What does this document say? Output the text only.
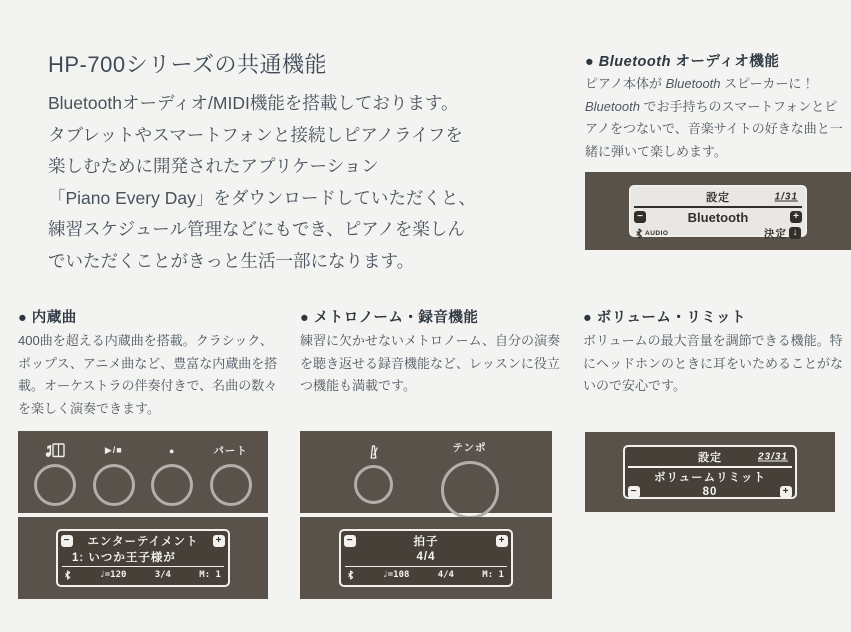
HP-700シリーズの共通機能
Bluetoothオーディオ/MIDI機能を搭載しております。
タブレットやスマートフォンと接続しピアノライフを
楽しむために開発されたアプリケーション
「Piano Every Day」をダウンロードしていただくと、
練習スケジュール管理などにもでき、ピアノを楽しん
でいただくことがきっと生活一部になります。
● Bluetooth オーディオ機能
ピアノ本体が Bluetooth スピーカーに！Bluetooth でお手持ちのスマートフォンとピアノをつないで、音楽サイトの好きな曲と一緒に弾いて楽しめます。
設定	1/31
−	Bluetooth	+
AUDIO	決定 ↓
● 内蔵曲
400曲を超える内蔵曲を搭載。クラシック、ポップス、アニメ曲など、豊富な内蔵曲を搭載。オーケストラの伴奏付きで、名曲の数々を楽しく演奏できます。
● メトロノーム・録音機能
練習に欠かせないメトロノーム、自分の演奏を聴き返せる録音機能など、レッスンに役立つ機能も満載です。
● ボリューム・リミット
ボリュームの最大音量を調節できる機能。特にヘッドホンのときに耳をいためることがないので安心です。
▶/■	●	パート
− エンターテイメント +
1: いつか王子様が
♩=120	3/4	M: 1
テンポ
−	拍子	+
4/4
♩=108	4/4	M: 1
設定	23/31
ボリュームリミット
−	80	+
